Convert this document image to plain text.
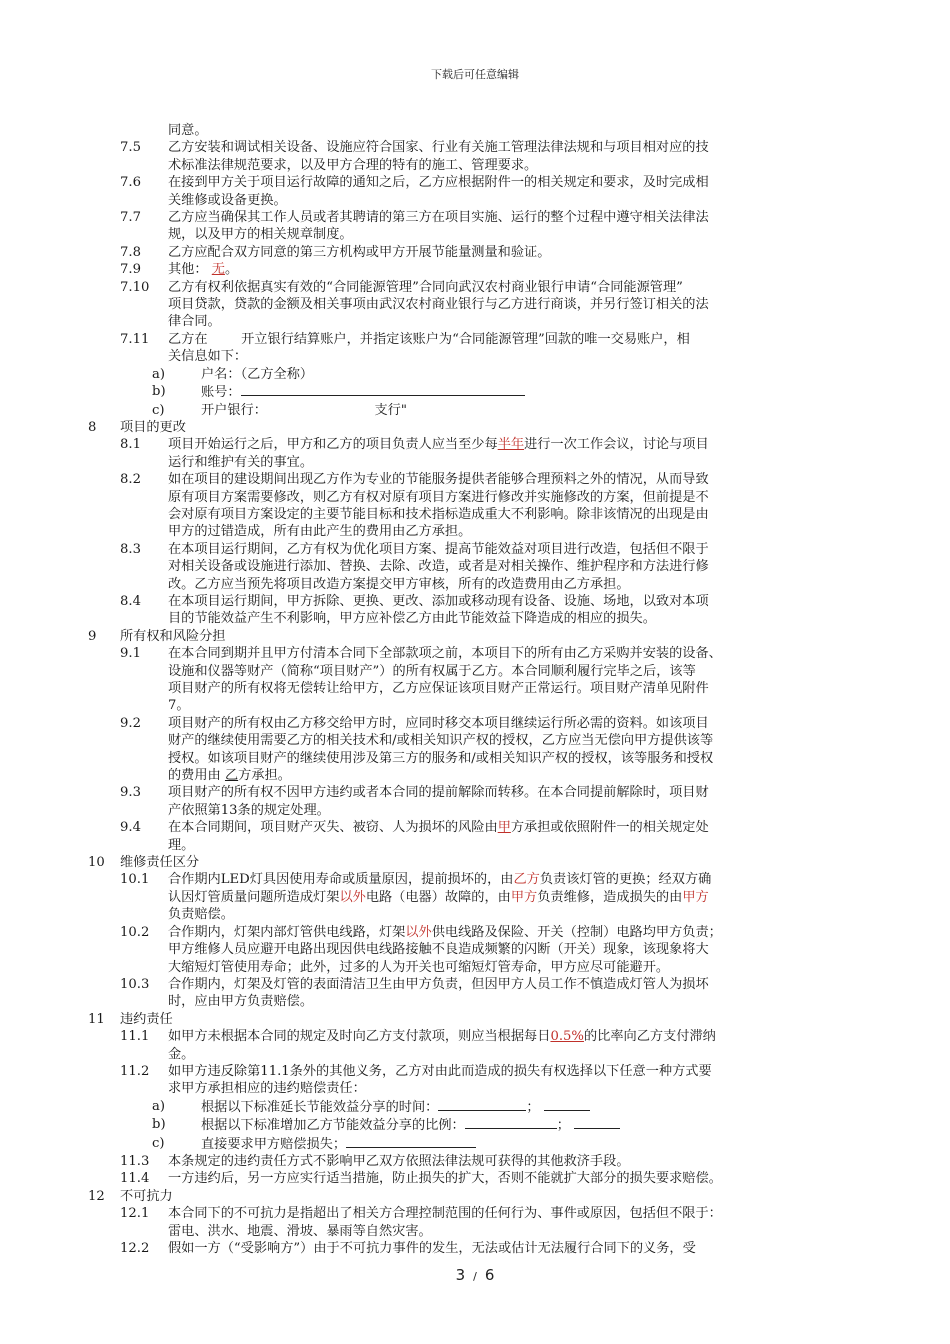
下载后可任意编辑
同意。
7.5 乙方安装和调试相关设备、设施应符合国家、行业有关施工管理法律法规和与项目相对应的技
术标准法律规范要求，以及甲方合理的特有的施工、管理要求。
7.6 在接到甲方关于项目运行故障的通知之后，乙方应根据附件一的相关规定和要求，及时完成相
关维修或设备更换。
7.7 乙方应当确保其工作人员或者其聘请的第三方在项目实施、运行的整个过程中遵守相关法律法
规，以及甲方的相关规章制度。
7.8 乙方应配合双方同意的第三方机构或甲方开展节能量测量和验证。
7.9 其他： 无。
7.10 乙方有权利依据真实有效的“合同能源管理”合同向武汉农村商业银行申请“合同能源管理”
项目贷款，贷款的金额及相关事项由武汉农村商业银行与乙方进行商谈，并另行签订相关的法
律合同。
7.11 乙方在        开立银行结算账户，并指定该账户为“合同能源管理”回款的唯一交易账户，相
关信息如下：
a)	户名：（乙方全称）
b)	账号：
c)	开户银行：	支行"
8 项目的更改
8.1 项目开始运行之后，甲方和乙方的项目负责人应当至少每半年进行一次工作会议，讨论与项目
运行和维护有关的事宜。
8.2 如在项目的建设期间出现乙方作为专业的节能服务提供者能够合理预料之外的情况，从而导致
原有项目方案需要修改，则乙方有权对原有项目方案进行修改并实施修改的方案，但前提是不
会对原有项目方案设定的主要节能目标和技术指标造成重大不利影响。除非该情况的出现是由
甲方的过错造成，所有由此产生的费用由乙方承担。
8.3 在本项目运行期间，乙方有权为优化项目方案、提高节能效益对项目进行改造，包括但不限于
对相关设备或设施进行添加、替换、去除、改造，或者是对相关操作、维护程序和方法进行修
改。乙方应当预先将项目改造方案提交甲方审核，所有的改造费用由乙方承担。
8.4 在本项目运行期间，甲方拆除、更换、更改、添加或移动现有设备、设施、场地，以致对本项
目的节能效益产生不利影响，甲方应补偿乙方由此节能效益下降造成的相应的损失。
9 所有权和风险分担
9.1 在本合同到期并且甲方付清本合同下全部款项之前，本项目下的所有由乙方采购并安装的设备、
设施和仪器等财产（简称“项目财产”）的所有权属于乙方。本合同顺利履行完毕之后，该等
项目财产的所有权将无偿转让给甲方，乙方应保证该项目财产正常运行。项目财产清单见附件
7。
9.2 项目财产的所有权由乙方移交给甲方时，应同时移交本项目继续运行所必需的资料。如该项目
财产的继续使用需要乙方的相关技术和/或相关知识产权的授权，乙方应当无偿向甲方提供该等
授权。如该项目财产的继续使用涉及第三方的服务和/或相关知识产权的授权，该等服务和授权
的费用由 乙方承担。
9.3 项目财产的所有权不因甲方违约或者本合同的提前解除而转移。在本合同提前解除时，项目财
产依照第13条的规定处理。
9.4 在本合同期间，项目财产灭失、被窃、人为损坏的风险由甲方承担或依照附件一的相关规定处
理。
10 维修责任区分
10.1 合作期内LED灯具因使用寿命或质量原因，提前损坏的，由乙方负责该灯管的更换；经双方确
认因灯管质量问题所造成灯架以外电路（电器）故障的，由甲方负责维修，造成损失的由甲方
负责赔偿。
10.2 合作期内，灯架内部灯管供电线路，灯架以外供电线路及保险、开关（控制）电路均甲方负责；
甲方维修人员应避开电路出现因供电线路接触不良造成频繁的闪断（开关）现象，该现象将大
大缩短灯管使用寿命；此外，过多的人为开关也可缩短灯管寿命，甲方应尽可能避开。
10.3 合作期内，灯架及灯管的表面清洁卫生由甲方负责，但因甲方人员工作不慎造成灯管人为损坏
时，应由甲方负责赔偿。
11 违约责任
11.1 如甲方未根据本合同的规定及时向乙方支付款项，则应当根据每日0.5%的比率向乙方支付滞纳
金。
11.2 如甲方违反除第11.1条外的其他义务，乙方对由此而造成的损失有权选择以下任意一种方式要
求甲方承担相应的违约赔偿责任：
a)	根据以下标准延长节能效益分享的时间：	；
b)	根据以下标准增加乙方节能效益分享的比例：	；
c)	直接要求甲方赔偿损失；
11.3 本条规定的违约责任方式不影响甲乙双方依照法律法规可获得的其他救济手段。
11.4 一方违约后，另一方应实行适当措施，防止损失的扩大，否则不能就扩大部分的损失要求赔偿。
12 不可抗力
12.1 本合同下的不可抗力是指超出了相关方合理控制范围的任何行为、事件或原因，包括但不限于：
雷电、洪水、地震、滑坡、暴雨等自然灾害。
12.2 假如一方（“受影响方”）由于不可抗力事件的发生，无法或估计无法履行合同下的义务，受
3 / 6
